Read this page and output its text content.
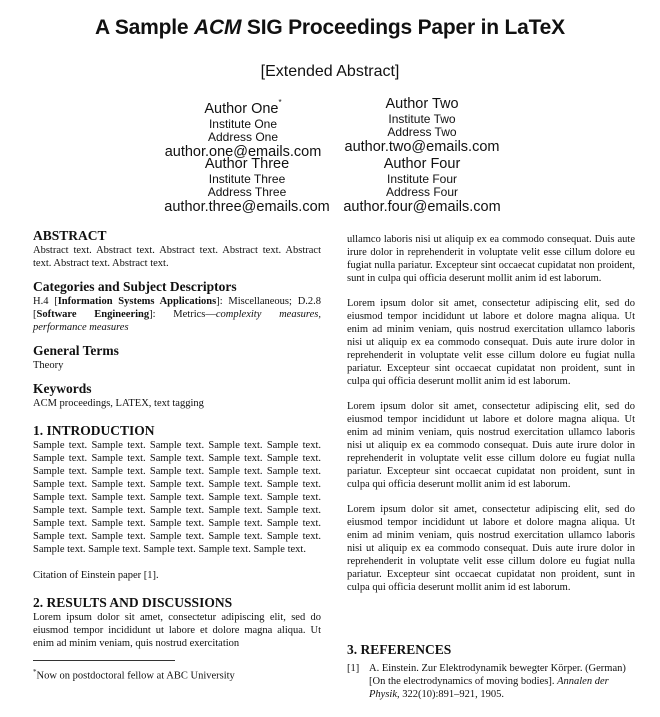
A Sample ACM SIG Proceedings Paper in LaTeX
[Extended Abstract]
Author One*
Institute One
Address One
author.one@emails.com
Author Two
Institute Two
Address Two
author.two@emails.com
Author Three
Institute Three
Address Three
author.three@emails.com
Author Four
Institute Four
Address Four
author.four@emails.com
ABSTRACT

Abstract text. Abstract text. Abstract text. Abstract text. Abstract text. Abstract text. Abstract text.

Categories and Subject Descriptors

H.4 [Information Systems Applications]: Miscellaneous; D.2.8 [Software Engineering]: Metrics—complexity measures, performance measures

General Terms

Theory

Keywords

ACM proceedings, LATEX, text tagging

1. INTRODUCTION

Sample text. Sample text. Sample text. Sample text. Sample text. Sample text. Sample text. Sample text. Sample text. Sample text. Sample text. Sample text. Sample text. Sample text. Sample text. Sample text. Sample text. Sample text. Sample text. Sample text. Sample text. Sample text. Sample text. Sample text. Sample text. Sample text. Sample text. Sample text. Sample text. Sample text. Sample text. Sample text. Sample text. Sample text. Sample text. Sample text. Sample text. Sample text. Sample text. Sample text. Sample text. Sample text. Sample text. Sample text. Sample text.

Citation of Einstein paper [1].

2. RESULTS AND DISCUSSIONS

Lorem ipsum dolor sit amet, consectetur adipiscing elit, sed do eiusmod tempor incididunt ut labore et dolore magna aliqua. Ut enim ad minim veniam, quis nostrud exercitation

*Now on postdoctoral fellow at ABC University

ullamco laboris nisi ut aliquip ex ea commodo consequat. Duis aute irure dolor in reprehenderit in voluptate velit esse cillum dolore eu fugiat nulla pariatur. Excepteur sint occaecat cupidatat non proident, sunt in culpa qui officia deserunt mollit anim id est laborum.

Lorem ipsum dolor sit amet, consectetur adipiscing elit, sed do eiusmod tempor incididunt ut labore et dolore magna aliqua. Ut enim ad minim veniam, quis nostrud exercitation ullamco laboris nisi ut aliquip ex ea commodo consequat. Duis aute irure dolor in reprehenderit in voluptate velit esse cillum dolore eu fugiat nulla pariatur. Excepteur sint occaecat cupidatat non proident, sunt in culpa qui officia deserunt mollit anim id est laborum.

Lorem ipsum dolor sit amet, consectetur adipiscing elit, sed do eiusmod tempor incididunt ut labore et dolore magna aliqua. Ut enim ad minim veniam, quis nostrud exercitation ullamco laboris nisi ut aliquip ex ea commodo consequat. Duis aute irure dolor in reprehenderit in voluptate velit esse cillum dolore eu fugiat nulla pariatur. Excepteur sint occaecat cupidatat non proident, sunt in culpa qui officia deserunt mollit anim id est laborum.

Lorem ipsum dolor sit amet, consectetur adipiscing elit, sed do eiusmod tempor incididunt ut labore et dolore magna aliqua. Ut enim ad minim veniam, quis nostrud exercitation ullamco laboris nisi ut aliquip ex ea commodo consequat. Duis aute irure dolor in reprehenderit in voluptate velit esse cillum dolore eu fugiat nulla pariatur. Excepteur sint occaecat cupidatat non proident, sunt in culpa qui officia deserunt mollit anim id est laborum.

3. REFERENCES
[1] A. Einstein. Zur Elektrodynamik bewegter Körper. (German) [On the electrodynamics of moving bodies]. Annalen der Physik, 322(10):891–921, 1905.
